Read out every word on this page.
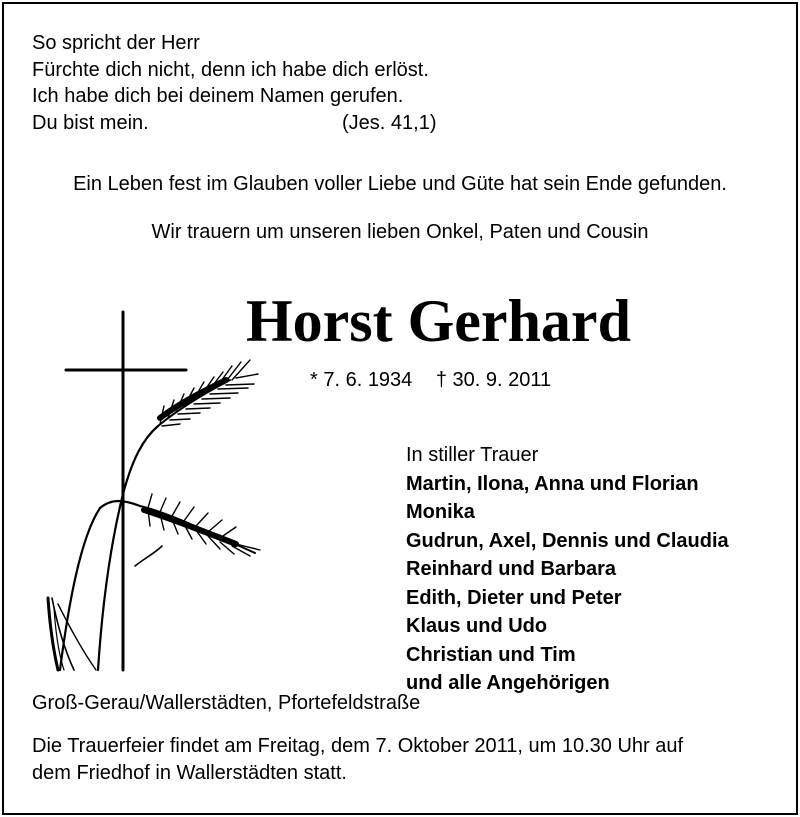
So spricht der Herr
Fürchte dich nicht, denn ich habe dich erlöst.
Ich habe dich bei deinem Namen gerufen.
Du bist mein.	(Jes. 41,1)
Ein Leben fest im Glauben voller Liebe und Güte hat sein Ende gefunden.
Wir trauern um unseren lieben Onkel, Paten und Cousin
Horst Gerhard
* 7. 6. 1934 † 30. 9. 2011
In stiller Trauer
Martin, Ilona, Anna und Florian
Monika
Gudrun, Axel, Dennis und Claudia
Reinhard und Barbara
Edith, Dieter und Peter
Klaus und Udo
Christian und Tim
und alle Angehörigen
Groß-Gerau/Wallerstädten, Pfortefeldstraße
Die Trauerfeier findet am Freitag, dem 7. Oktober 2011, um 10.30 Uhr auf
dem Friedhof in Wallerstädten statt.
